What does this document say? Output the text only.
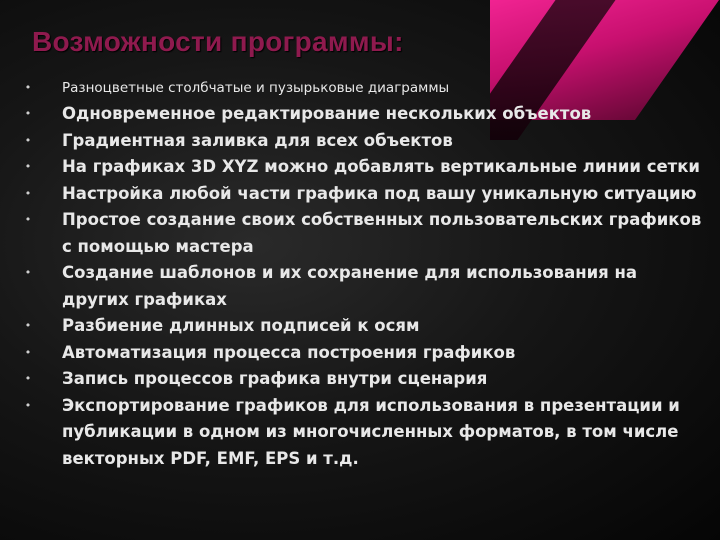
Возможности программы:
•	Разноцветные столбчатые и пузырьковые диаграммы
•	Одновременное редактирование нескольких объектов
•	Градиентная заливка для всех объектов
•	На графиках 3D XYZ можно добавлять вертикальные линии сетки
•	Настройка любой части графика под вашу уникальную ситуацию
•	Простое создание своих собственных пользовательских графиков с помощью мастера
•	Создание шаблонов и их сохранение для использования на других графиках
•	Разбиение длинных подписей к осям
•	Автоматизация процесса построения графиков
•	Запись процессов графика внутри сценария
•	Экспортирование графиков для использования в презентации и публикации в одном из многочисленных форматов, в том числе векторных PDF, EMF, EPS и т.д.
